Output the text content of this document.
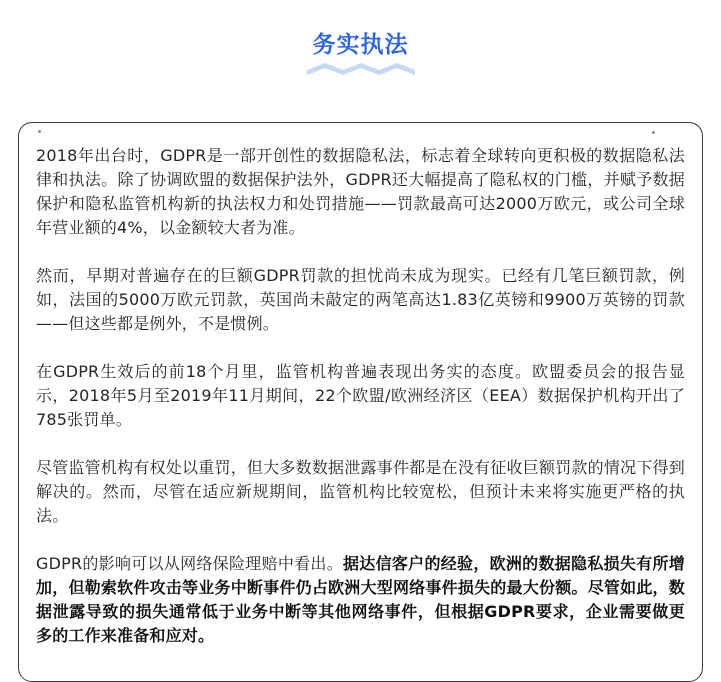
务实执法

2018年出台时，GDPR是一部开创性的数据隐私法，标志着全球转向更积极的数据隐私法律和执法。除了协调欧盟的数据保护法外，GDPR还大幅提高了隐私权的门槛，并赋予数据保护和隐私监管机构新的执法权力和处罚措施——罚款最高可达2000万欧元，或公司全球年营业额的4%，以金额较大者为准。

然而，早期对普遍存在的巨额GDPR罚款的担忧尚未成为现实。已经有几笔巨额罚款，例如，法国的5000万欧元罚款，英国尚未敲定的两笔高达1.83亿英镑和9900万英镑的罚款——但这些都是例外，不是惯例。

在GDPR生效后的前18个月里，监管机构普遍表现出务实的态度。欧盟委员会的报告显示，2018年5月至2019年11月期间，22个欧盟/欧洲经济区（EEA）数据保护机构开出了785张罚单。

尽管监管机构有权处以重罚，但大多数数据泄露事件都是在没有征收巨额罚款的情况下得到解决的。然而，尽管在适应新规期间，监管机构比较宽松，但预计未来将实施更严格的执法。

GDPR的影响可以从网络保险理赔中看出。据达信客户的经验，欧洲的数据隐私损失有所增加，但勒索软件攻击等业务中断事件仍占欧洲大型网络事件损失的最大份额。尽管如此，数据泄露导致的损失通常低于业务中断等其他网络事件，但根据GDPR要求，企业需要做更多的工作来准备和应对。
